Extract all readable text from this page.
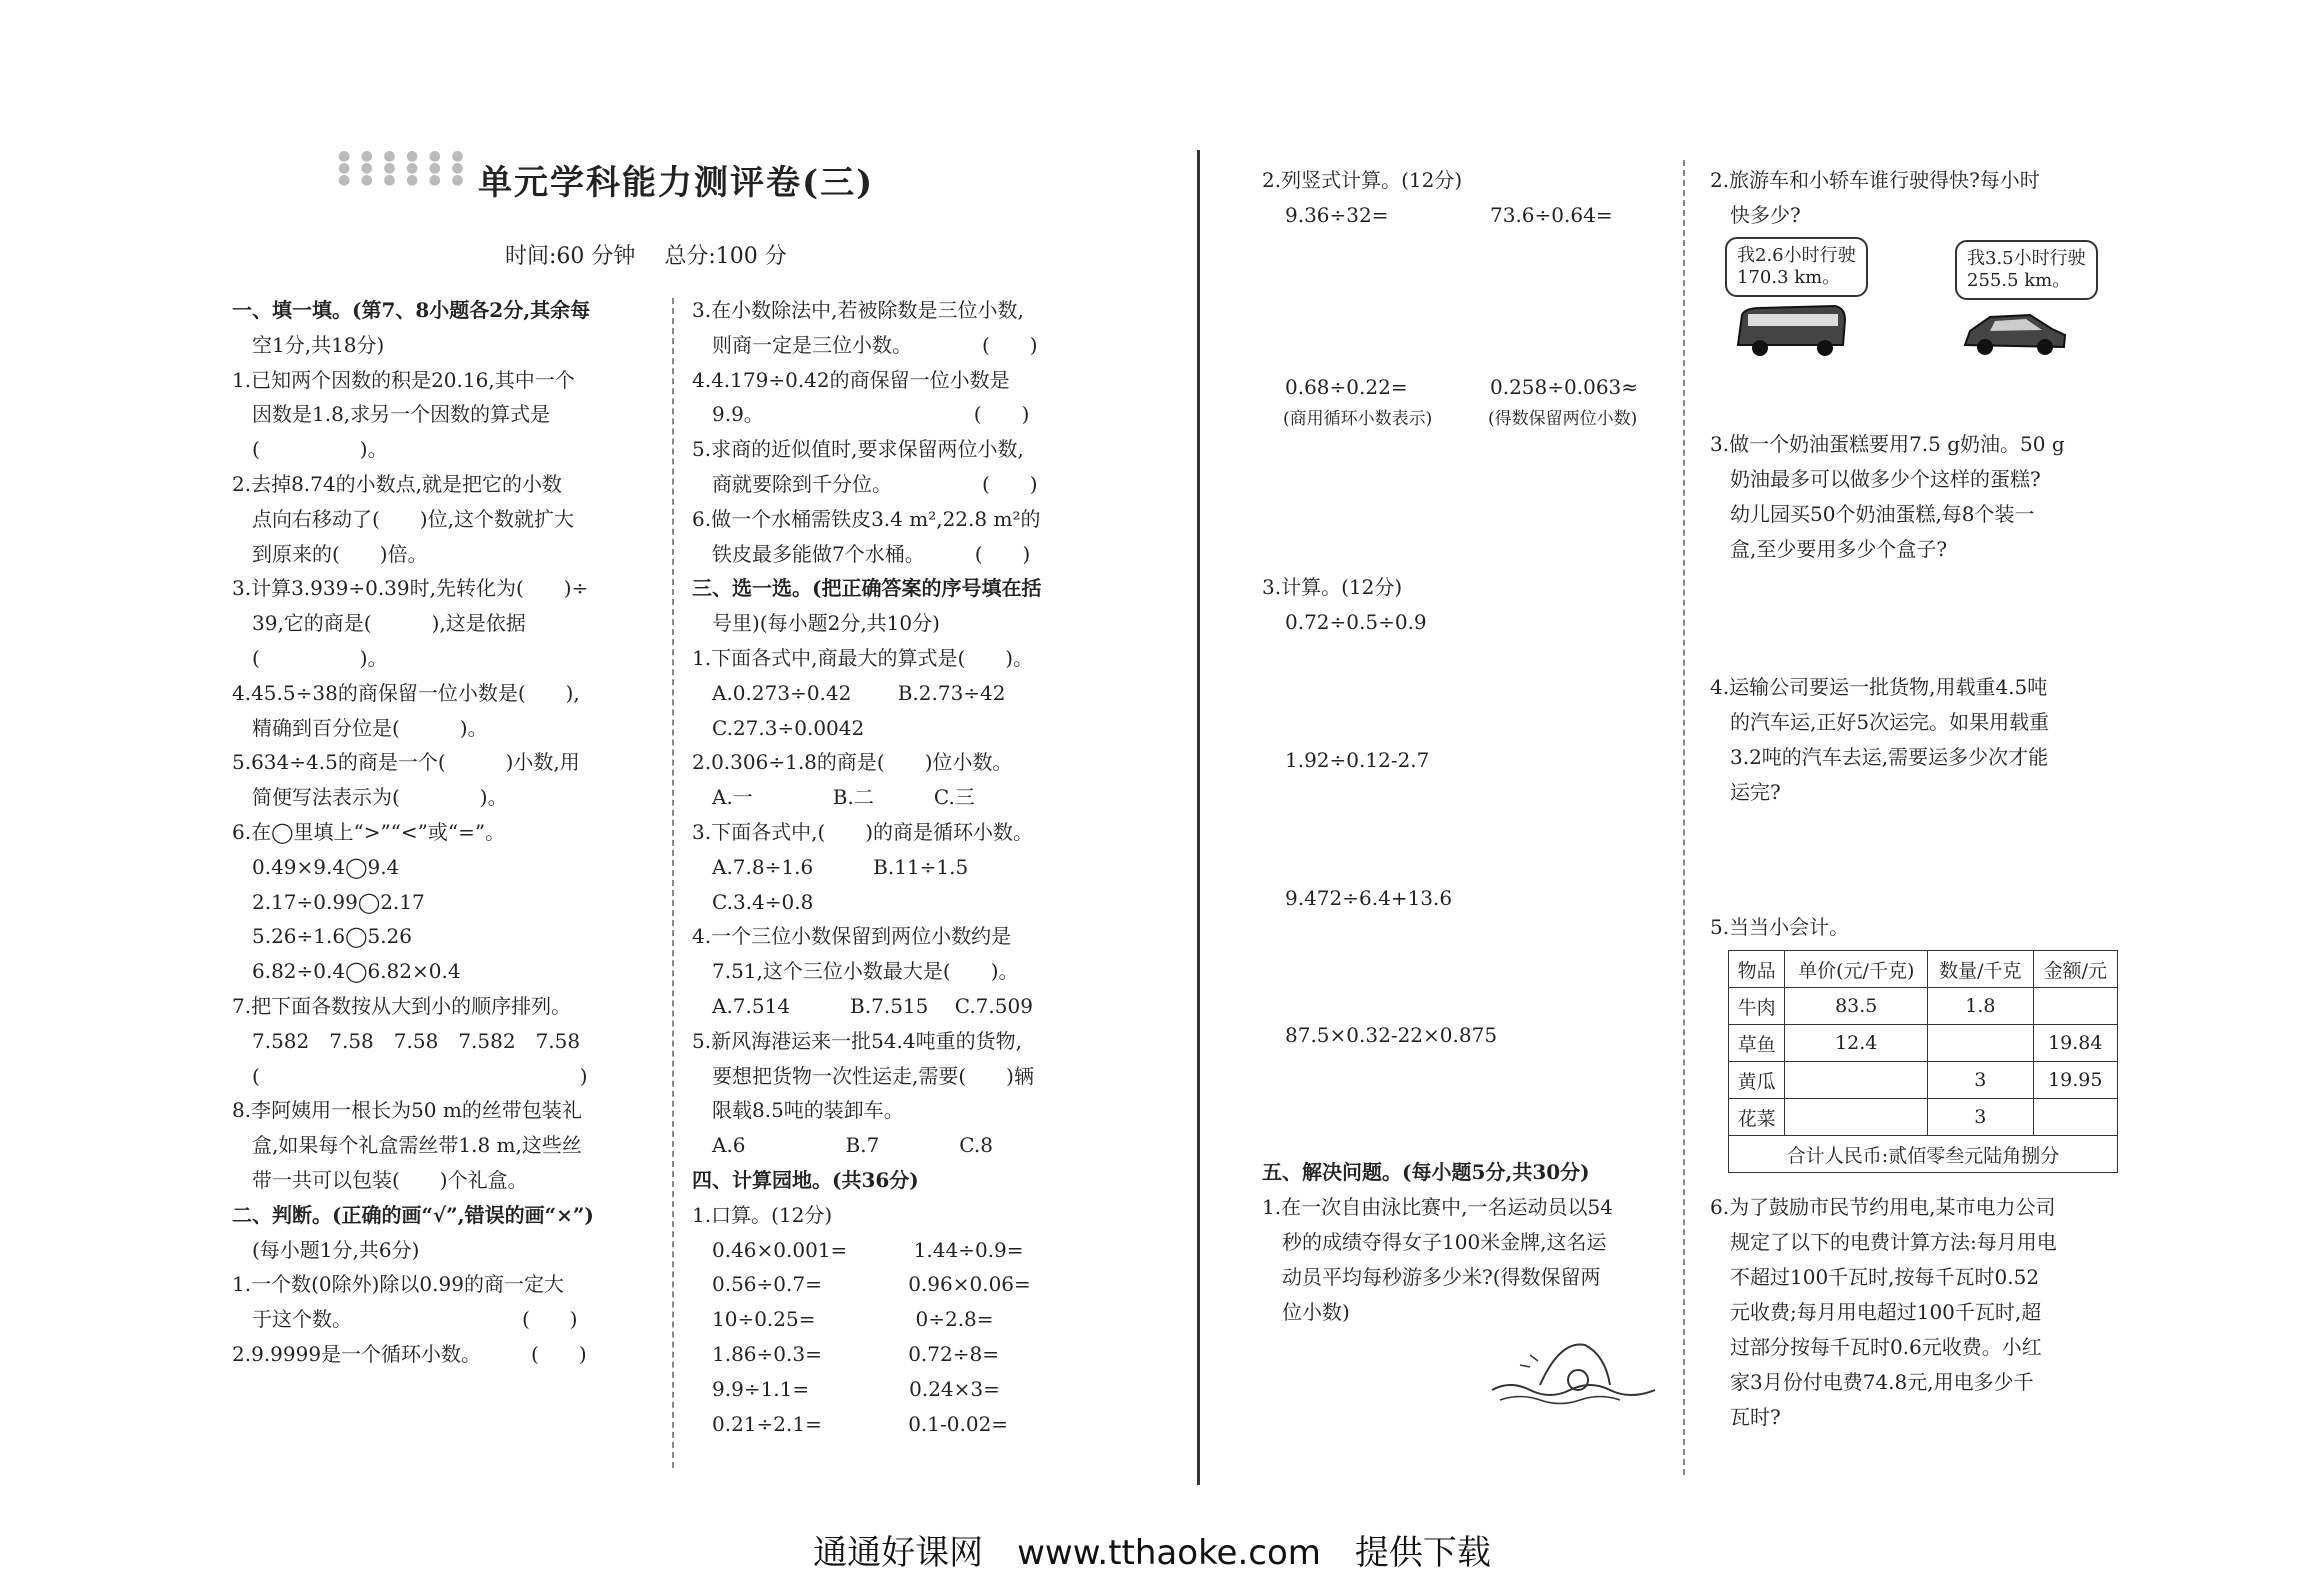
● ● ● ● ● ●
● ● ● ● ● ●
● ● ● ● ● ● 单元学科能力测评卷(三)
时间:60 分钟　 总分:100 分
一、填一填。(第7、8小题各2分,其余每
　空1分,共18分)
1.已知两个因数的积是20.16,其中一个
　因数是1.8,求另一个因数的算式是
　(　　　　　)。
2.去掉8.74的小数点,就是把它的小数
　点向右移动了(　　)位,这个数就扩大
　到原来的(　　)倍。
3.计算3.939÷0.39时,先转化为(　　)÷
　39,它的商是(　　　),这是依据
　(　　　　　)。
4.45.5÷38的商保留一位小数是(　　),
　精确到百分位是(　　　)。
5.634÷4.5的商是一个(　　　)小数,用
　简便写法表示为(　　　　)。
6.在◯里填上“>”“<”或“=”。
　0.49×9.4◯9.4
　2.17÷0.99◯2.17
　5.26÷1.6◯5.26
　6.82÷0.4◯6.82×0.4
7.把下面各数按从大到小的顺序排列。
　7.582　7.58　7.58　7.582　7.58
　(　　　　　　　　　　　　　　　　)
8.李阿姨用一根长为50 m的丝带包装礼
　盒,如果每个礼盒需丝带1.8 m,这些丝
　带一共可以包装(　　)个礼盒。
二、判断。(正确的画“√”,错误的画“×”)
　(每小题1分,共6分)
1.一个数(0除外)除以0.99的商一定大
　于这个数。　　　　　　　　　(　　)
2.9.9999是一个循环小数。　　　(　　)
3.在小数除法中,若被除数是三位小数,
　则商一定是三位小数。　　　　(　　)
4.4.179÷0.42的商保留一位小数是
　9.9。　　　　　　　　　　　(　　)
5.求商的近似值时,要求保留两位小数,
　商就要除到千分位。　　　　　(　　)
6.做一个水桶需铁皮3.4 m²,22.8 m²的
　铁皮最多能做7个水桶。　　　(　　)
三、选一选。(把正确答案的序号填在括
　号里)(每小题2分,共10分)
1.下面各式中,商最大的算式是(　　)。
　A.0.273÷0.42　　 B.2.73÷42
　C.27.3÷0.0042
2.0.306÷1.8的商是(　　)位小数。
　A.一　　　　B.二　　　C.三
3.下面各式中,(　　)的商是循环小数。
　A.7.8÷1.6　　　B.11÷1.5
　C.3.4÷0.8
4.一个三位小数保留到两位小数约是
　7.51,这个三位小数最大是(　　)。
　A.7.514　　　B.7.515　 C.7.509
5.新风海港运来一批54.4吨重的货物,
　要想把货物一次性运走,需要(　　)辆
　限载8.5吨的装卸车。
　A.6　　　　　B.7　　　　C.8
四、计算园地。(共36分)
1.口算。(12分)
　0.46×0.001=　　　 1.44÷0.9=
　0.56÷0.7=　　　　 0.96×0.06=
　10÷0.25=　　　　　0÷2.8=
　1.86÷0.3=　　　　 0.72÷8=
　9.9÷1.1=　　　　　0.24×3=
　0.21÷2.1=　　　　 0.1-0.02=
2.列竖式计算。(12分)
9.36÷32=	73.6÷0.64=
0.68÷0.22=	0.258÷0.063≈
(商用循环小数表示)	(得数保留两位小数)
3.计算。(12分)
0.72÷0.5÷0.9
1.92÷0.12-2.7
9.472÷6.4+13.6
87.5×0.32-22×0.875
五、解决问题。(每小题5分,共30分)
1.在一次自由泳比赛中,一名运动员以54
　秒的成绩夺得女子100米金牌,这名运
　动员平均每秒游多少米?(得数保留两
　位小数)
2.旅游车和小轿车谁行驶得快?每小时
　快多少?
我2.6小时行驶
170.3 km。
我3.5小时行驶
255.5 km。
3.做一个奶油蛋糕要用7.5 g奶油。50 g
　奶油最多可以做多少个这样的蛋糕?
　幼儿园买50个奶油蛋糕,每8个装一
　盒,至少要用多少个盒子?
4.运输公司要运一批货物,用载重4.5吨
　的汽车运,正好5次运完。如果用载重
　3.2吨的汽车去运,需要运多少次才能
　运完?
5.当当小会计。
物品	单价(元/千克)	数量/千克	金额/元
牛肉	83.5	1.8	
草鱼	12.4		19.84
黄瓜		3	19.95
花菜		3	
合计人民币:贰佰零叁元陆角捌分			
6.为了鼓励市民节约用电,某市电力公司
　规定了以下的电费计算方法:每月用电
　不超过100千瓦时,按每千瓦时0.52
　元收费;每月用电超过100千瓦时,超
　过部分按每千瓦时0.6元收费。小红
　家3月份付电费74.8元,用电多少千
　瓦时?
通通好课网　www.tthaoke.com　提供下载
